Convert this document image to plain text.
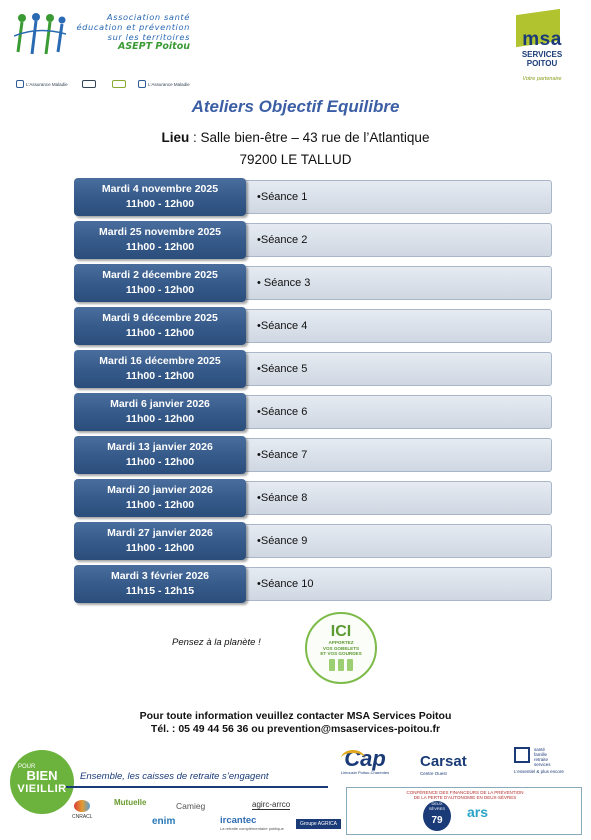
Association santé
éducation et prévention
sur les territoires
ASEPT Poitou
L'Assurance Maladie	L'Assurance Maladie
msa
SERVICES
POITOU
Votre partenaire
Ateliers Objectif Equilibre
Lieu : Salle bien-être – 43 rue de l’Atlantique
79200 LE TALLUD
•Séance 1
Mardi 4 novembre 2025
11h00 - 12h00
•Séance 2
Mardi 25 novembre 2025
11h00 - 12h00
• Séance 3
Mardi 2 décembre 2025
11h00 - 12h00
•Séance 4
Mardi 9 décembre 2025
11h00 - 12h00
•Séance 5
Mardi 16 décembre 2025
11h00 - 12h00
•Séance 6
Mardi 6 janvier 2026
11h00 - 12h00
•Séance 7
Mardi 13 janvier 2026
11h00 - 12h00
•Séance 8
Mardi 20 janvier 2026
11h00 - 12h00
•Séance 9
Mardi 27 janvier 2026
11h00 - 12h00
•Séance 10
Mardi 3 février 2026
11h15 - 12h15
Pensez à la planète !
ICI
APPORTEZ
VOS GOBELETS
ET VOS GOURDES
Pour toute information veuillez contacter MSA Services Poitou
Tél. : 05 49 44 56 36 ou prevention@msaservices-poitou.fr
POUR
BIEN
VIEILLIR
Ensemble, les caisses de retraite s’engagent
Cap
Limousin Poitou-Charentes
Carsat
Centre Ouest
santé
famille
retraite
services
L'essentiel & plus encore
CNRACL
Mutuelle	Camieg	agirc-arrco
enim	ircantec
La retraite complémentaire publique
Groupe AGRICA
CONFÉRENCE DES FINANCEURS DE LA PRÉVENTION
DE LA PERTE D'AUTONOMIE EN DEUX-SÈVRES
DEUX SÈVRES
79
ars
